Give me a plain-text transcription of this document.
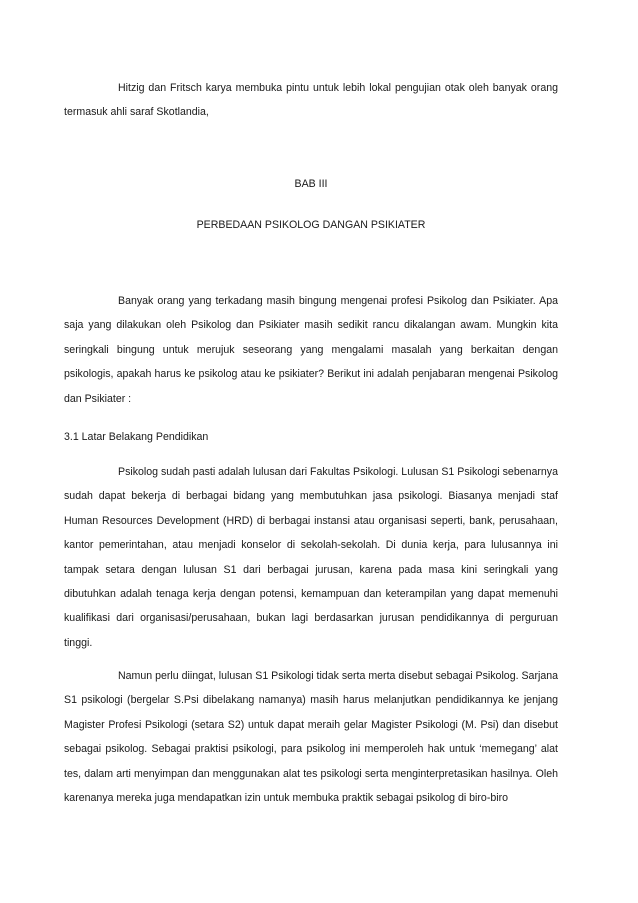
Hitzig dan Fritsch karya membuka pintu untuk lebih lokal pengujian otak oleh banyak orang termasuk ahli saraf Skotlandia,

BAB III

PERBEDAAN PSIKOLOG DANGAN PSIKIATER

Banyak orang yang terkadang masih bingung mengenai profesi Psikolog dan Psikiater. Apa saja yang dilakukan oleh Psikolog dan Psikiater masih sedikit rancu dikalangan awam. Mungkin kita seringkali bingung untuk merujuk seseorang yang mengalami masalah yang berkaitan dengan psikologis, apakah harus ke psikolog atau ke psikiater? Berikut ini adalah penjabaran mengenai Psikolog dan Psikiater :

3.1 Latar Belakang Pendidikan

Psikolog sudah pasti adalah lulusan dari Fakultas Psikologi. Lulusan S1 Psikologi sebenarnya sudah dapat bekerja di berbagai bidang yang membutuhkan jasa psikologi. Biasanya menjadi staf Human Resources Development (HRD) di berbagai instansi atau organisasi seperti, bank, perusahaan, kantor pemerintahan, atau menjadi konselor di sekolah-sekolah. Di dunia kerja, para lulusannya ini tampak setara dengan lulusan S1 dari berbagai jurusan, karena pada masa kini seringkali yang dibutuhkan adalah tenaga kerja dengan potensi, kemampuan dan keterampilan yang dapat memenuhi kualifikasi dari organisasi/perusahaan, bukan lagi berdasarkan jurusan pendidikannya di perguruan tinggi.

Namun perlu diingat, lulusan S1 Psikologi tidak serta merta disebut sebagai Psikolog. Sarjana S1 psikologi (bergelar S.Psi dibelakang namanya) masih harus melanjutkan pendidikannya ke jenjang Magister Profesi Psikologi (setara S2) untuk dapat meraih gelar Magister Psikologi (M. Psi) dan disebut sebagai psikolog. Sebagai praktisi psikologi, para psikolog ini memperoleh hak untuk ‘memegang’ alat tes, dalam arti menyimpan dan menggunakan alat tes psikologi serta menginterpretasikan hasilnya. Oleh karenanya mereka juga mendapatkan izin untuk membuka praktik sebagai psikolog di biro-biro
